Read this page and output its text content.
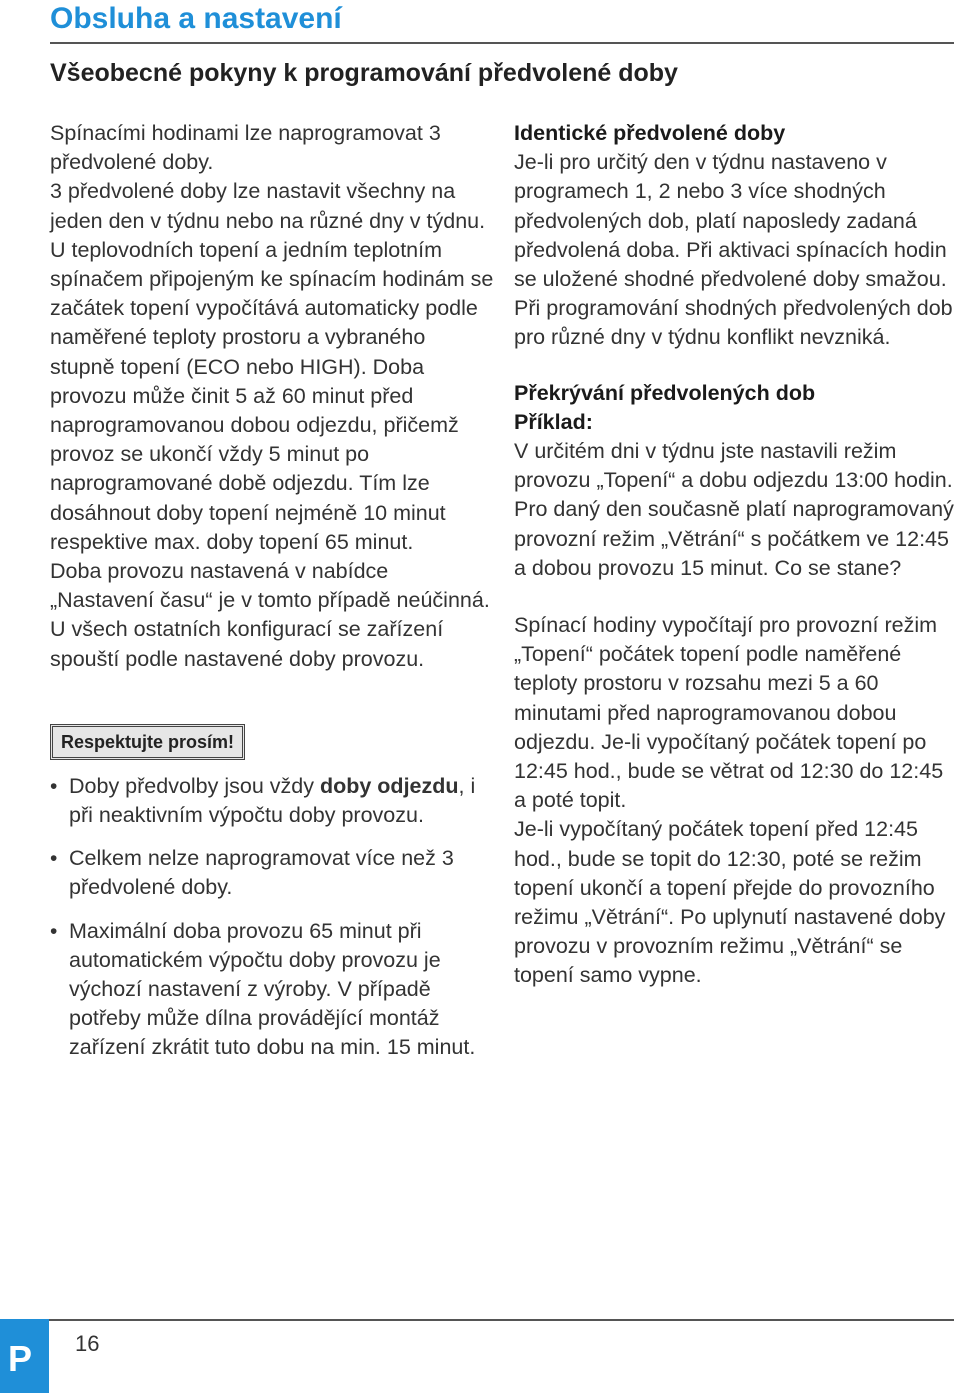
Obsluha a nastavení
Všeobecné pokyny k programování předvolené doby

Spínacími hodinami lze naprogramovat 3 předvolené doby.

3 předvolené doby lze nastavit všechny na jeden den v týdnu nebo na různé dny v týdnu.

U teplovodních topení a jedním teplotním spínačem připojeným ke spínacím hodinám se začátek topení vypočítává automaticky podle naměřené teploty prostoru a vybraného stupně topení (ECO nebo HIGH). Doba provozu může činit 5 až 60 minut před naprogramovanou dobou odjezdu, přičemž provoz se ukončí vždy 5 minut po naprogramované době odjezdu. Tím lze dosáhnout doby topení nejméně 10 minut respektive max. doby topení 65 minut.

Doba provozu nastavená v nabídce „Nastavení času“ je v tomto případě neúčinná.

U všech ostatních konfigurací se zařízení spouští podle nastavené doby provozu.

Respektujte prosím!

• Doby předvolby jsou vždy doby odjezdu, i při neaktivním výpočtu doby provozu.
• Celkem nelze naprogramovat více než 3 předvolené doby.
• Maximální doba provozu 65 minut při automatickém výpočtu doby provozu je výchozí nastavení z výroby. V případě potřeby může dílna provádějící montáž zařízení zkrátit tuto dobu na min. 15 minut.
Identické předvolené doby

Je-li pro určitý den v týdnu nastaveno v programech 1, 2 nebo 3 více shodných předvolených dob, platí naposledy zadaná předvolená doba. Při aktivaci spínacích hodin se uložené shodné předvolené doby smažou.

Při programování shodných předvolených dob pro různé dny v týdnu konflikt nevzniká.

Překrývání předvolených dob
Příklad:

V určitém dni v týdnu jste nastavili režim provozu „Topení“ a dobu odjezdu 13:00 hodin. Pro daný den současně platí naprogramovaný provozní režim „Větrání“ s počátkem ve 12:45 a dobou provozu 15 minut. Co se stane?

Spínací hodiny vypočítají pro provozní režim „Topení“ počátek topení podle naměřené teploty prostoru v rozsahu mezi 5 a 60 minutami před naprogramovanou dobou odjezdu. Je-li vypočítaný počátek topení po 12:45 hod., bude se větrat od 12:30 do 12:45 a poté topit.

Je-li vypočítaný počátek topení před 12:45 hod., bude se topit do 12:30, poté se režim topení ukončí a topení přejde do provozního režimu „Větrání“. Po uplynutí nastavené doby provozu v provozním režimu „Větrání“ se topení samo vypne.

P 16
